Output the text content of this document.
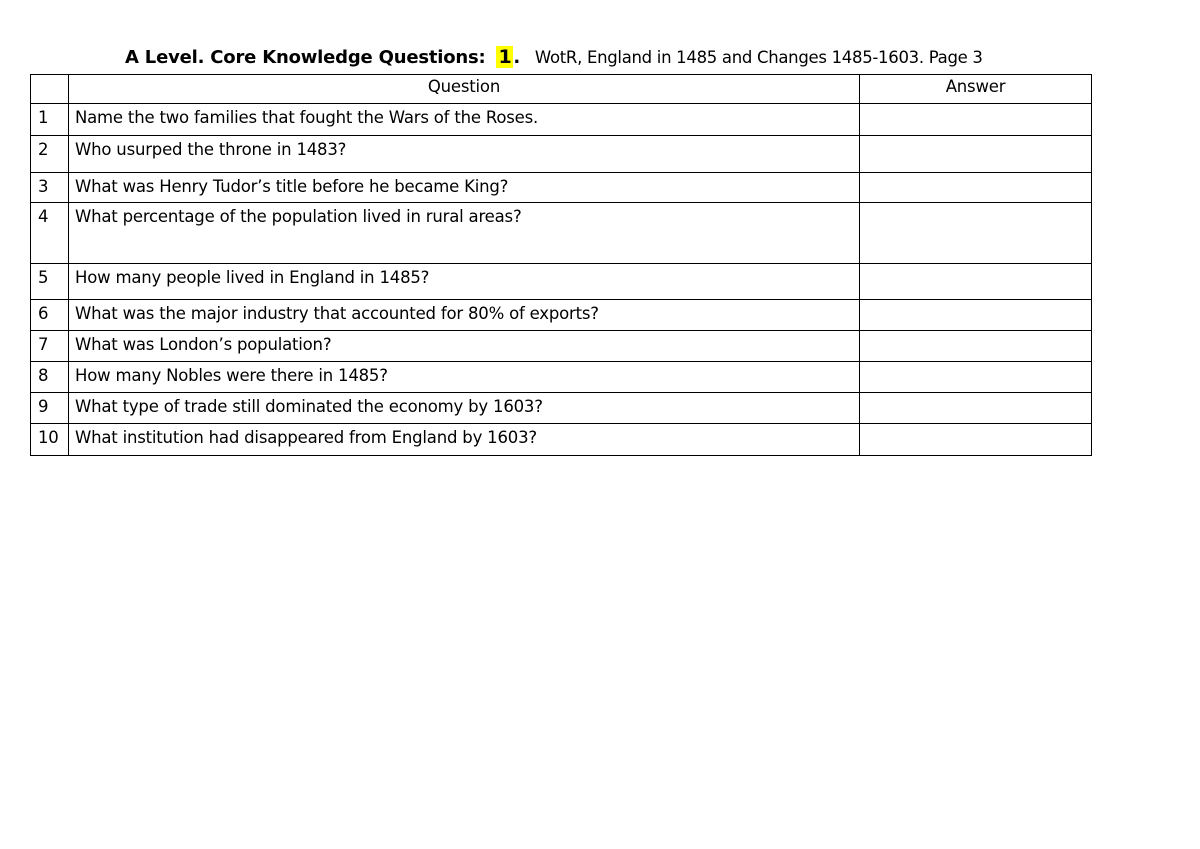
A Level. Core Knowledge Questions: 1 . WotR, England in 1485 and Changes 1485-1603. Page 3
	Question	Answer
1	Name the two families that fought the Wars of the Roses.	
2	Who usurped the throne in 1483?	
3	What was Henry Tudor’s title before he became King?	
4	What percentage of the population lived in rural areas?	
5	How many people lived in England in 1485?	
6	What was the major industry that accounted for 80% of exports?	
7	What was London’s population?	
8	How many Nobles were there in 1485?	
9	What type of trade still dominated the economy by 1603?	
10	What institution had disappeared from England by 1603?	
